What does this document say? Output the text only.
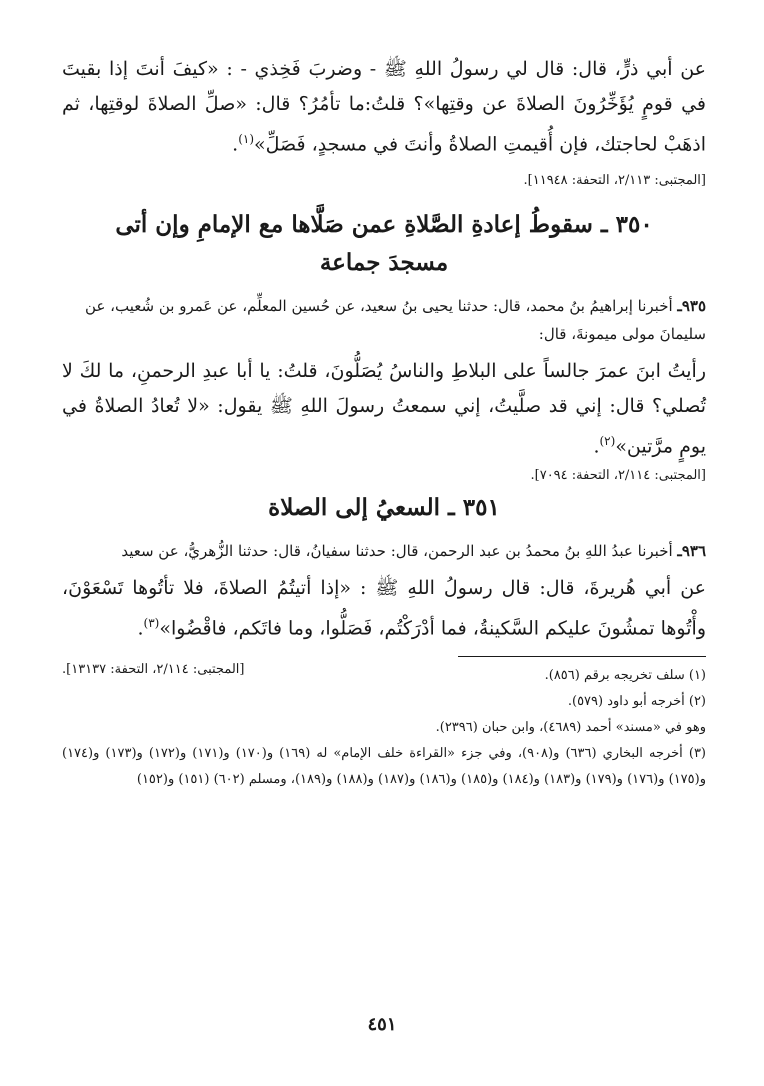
عن أبي ذرٍّ، قال: قال لي رسولُ اللهِ ﷺ - وضربَ فَخِذي - : «كيفَ أنتَ إذا بقيتَ في قومٍ يُؤَخِّرُونَ الصلاةَ عن وقتِها»؟ قلتُ:ما تأمُرُ؟ قال: «صلِّ الصلاةَ لوقتِها، ثم اذهَبْ لحاجتك، فإن أُقيمتِ الصلاةُ وأنتَ في مسجدٍ، فَصَلِّ»$^{(١)}$.

[المجتبى: ٢/١١٣، التحفة: ١١٩٤٨].

٣٥٠ ـ سقوطُ إعادةِ الصَّلاةِ عمن صَلَّاها مع الإمامِ وإن أتى

مسجدَ جماعة

٩٣٥ـ أخبرنا إبراهيمُ بنُ محمد، قال: حدثنا يحيى بنُ سعيد، عن حُسين المعلِّم، عن عَمرو بن شُعيب، عن سليمانَ مولى ميمونةَ، قال:

رأيتُ ابنَ عمرَ جالساً على البلاطِ والناسُ يُصَلُّونَ، قلتُ: يا أبا عبدِ الرحمنِ، ما لكَ لا تُصلي؟ قال: إني قد صلَّيتُ، إني سمعتُ رسولَ اللهِ ﷺ يقول: «لا تُعادُ الصلاةُ في يومٍ مرَّتين»$^{(٢)}$.

[المجتبى: ٢/١١٤، التحفة: ٧٠٩٤].

٣٥١ ـ السعيُ إلى الصلاة

٩٣٦ـ أخبرنا عبدُ اللهِ بنُ محمدُ بن عبد الرحمن، قال: حدثنا سفيانُ، قال: حدثنا الزُّهريُّ، عن سعيد

عن أبي هُريرةَ، قال: قال رسولُ اللهِ ﷺ : «إذا أتيتُمُ الصلاةَ، فلا تأتُوها تَسْعَوْنَ، وأْتُوها تمشُونَ عليكم السَّكينةُ، فما أدْرَكْتُم، فَصَلُّوا، وما فاتَكم، فاقْضُوا»$^{(٣)}$.
[المجتبى: ٢/١١٤، التحفة: ١٣١٣٧].	(١) سلف تخريجه برقم (٨٥٦).

(٢) أخرجه أبو داود (٥٧٩).

وهو في «مسند» أحمد (٤٦٨٩)، وابن حبان (٢٣٩٦).

(٣) أخرجه البخاري (٦٣٦) و(٩٠٨)، وفي جزء «القراءة خلف الإمام» له (١٦٩) و(١٧٠) و(١٧١) و(١٧٢) و(١٧٣) و(١٧٤) و(١٧٥) و(١٧٦) و(١٧٩) و(١٨٣) و(١٨٤) و(١٨٥) و(١٨٦) و(١٨٧) و(١٨٨) و(١٨٩)، ومسلم (٦٠٢) (١٥١) و(١٥٢)

٤٥١
